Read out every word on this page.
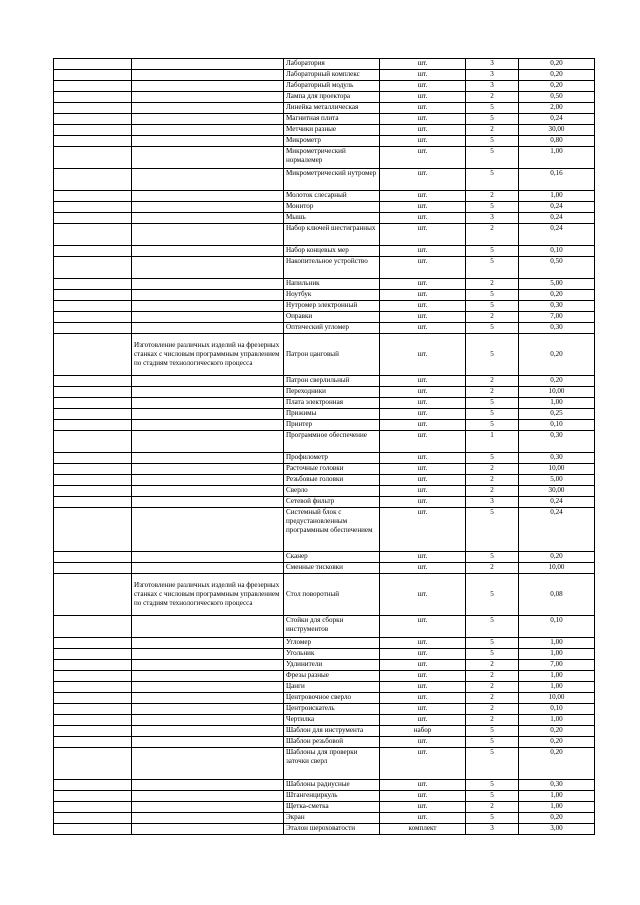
		Лаборатория	шт.	3	0,20
		Лабораторный комплекс	шт.	3	0,20
		Лабораторный модуль	шт.	3	0,20
		Лампа для проектора	шт.	2	0,50
		Линейка металлическая	шт.	5	2,00
		Магнитная плита	шт.	5	0,24
		Метчики разные	шт.	2	30,00
		Микрометр	шт.	5	0,80
		Микрометрический нормалемер	шт.	5	1,00
		Микрометрический нутромер	шт.	5	0,16
		Молоток слесарный	шт.	2	1,00
		Монитор	шт.	5	0,24
		Мышь	шт.	3	0,24
		Набор ключей шестигранных	шт.	2	0,24
		Набор концевых мер	шт.	5	0,10
		Накопительное устройство	шт.	5	0,50
		Напильник	шт.	2	5,00
		Ноутбук	шт.	5	0,20
		Нутромер электронный	шт.	5	0,30
		Оправки	шт.	2	7,00
		Оптический угломер	шт.	5	0,30
	Изготовление различных изделий на фрезерных станках с числовым программным управлением по стадиям технологического процесса	Патрон цанговый	шт.	5	0,20
		Патрон сверлильный	шт.	2	0,20
		Переходники	шт.	2	10,00
		Плата электронная	шт.	5	1,00
		Прижимы	шт.	5	0,25
		Принтер	шт.	5	0,10
		Программное обеспечение	шт.	1	0,30
		Профилометр	шт.	5	0,30
		Расточные головки	шт.	2	10,00
		Резьбовые головки	шт.	2	5,00
		Сверло	шт.	2	30,00
		Сетевой фильтр	шт.	3	0,24
		Системный блок с предустановленным программным обеспечением	шт.	5	0,24
		Сканер	шт.	5	0,20
		Сменные тисковки	шт.	2	10,00
	Изготовление различных изделий на фрезерных станках с числовым программным управлением по стадиям технологического процесса	Стол поворотный	шт.	5	0,08
		Стойки для сборки инструментов	шт.	5	0,10
		Угломер	шт.	5	1,00
		Угольник	шт.	5	1,00
		Удлинители	шт.	2	7,00
		Фрезы разные	шт.	2	1,00
		Цанги	шт.	2	1,00
		Центровочное сверло	шт.	2	10,00
		Центроискатель	шт.	2	0,10
		Чертилка	шт.	2	1,00
		Шаблон для инструмента	набор	5	0,20
		Шаблон резьбовой	шт.	5	0,20
		Шаблоны для проверки заточки сверл	шт.	5	0,20
		Шаблоны радиусные	шт.	5	0,30
		Штангенциркуль	шт.	5	1,00
		Щетка-сметка	шт.	2	1,00
		Экран	шт.	5	0,20
		Эталон шероховатости	комплект	3	3,00
